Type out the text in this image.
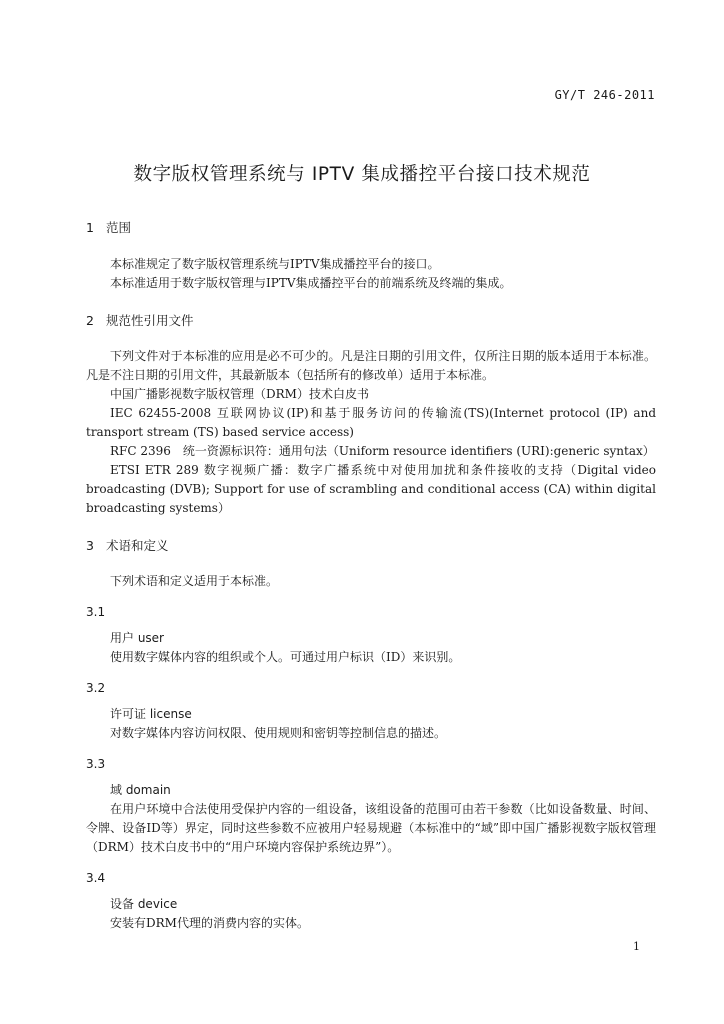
GY/T 246-2011
数字版权管理系统与 IPTV 集成播控平台接口技术规范
1 范围
本标准规定了数字版权管理系统与IPTV集成播控平台的接口。
本标准适用于数字版权管理与IPTV集成播控平台的前端系统及终端的集成。
2 规范性引用文件
下列文件对于本标准的应用是必不可少的。凡是注日期的引用文件，仅所注日期的版本适用于本标准。凡是不注日期的引用文件，其最新版本（包括所有的修改单）适用于本标准。
中国广播影视数字版权管理（DRM）技术白皮书
IEC 62455-2008 互联网协议(IP)和基于服务访问的传输流(TS)(Internet protocol (IP) and transport stream (TS) based service access)
RFC 2396　统一资源标识符：通用句法（Uniform resource identifiers (URI):generic syntax）
ETSI ETR 289 数字视频广播：数字广播系统中对使用加扰和条件接收的支持（Digital video broadcasting (DVB); Support for use of scrambling and conditional access (CA) within digital broadcasting systems）
3 术语和定义
下列术语和定义适用于本标准。
3.1
用户 user
使用数字媒体内容的组织或个人。可通过用户标识（ID）来识别。
3.2
许可证 license
对数字媒体内容访问权限、使用规则和密钥等控制信息的描述。
3.3
域 domain
在用户环境中合法使用受保护内容的一组设备，该组设备的范围可由若干参数（比如设备数量、时间、令牌、设备ID等）界定，同时这些参数不应被用户轻易规避（本标准中的“域”即中国广播影视数字版权管理（DRM）技术白皮书中的“用户环境内容保护系统边界”）。
3.4
设备 device
安装有DRM代理的消费内容的实体。
1
